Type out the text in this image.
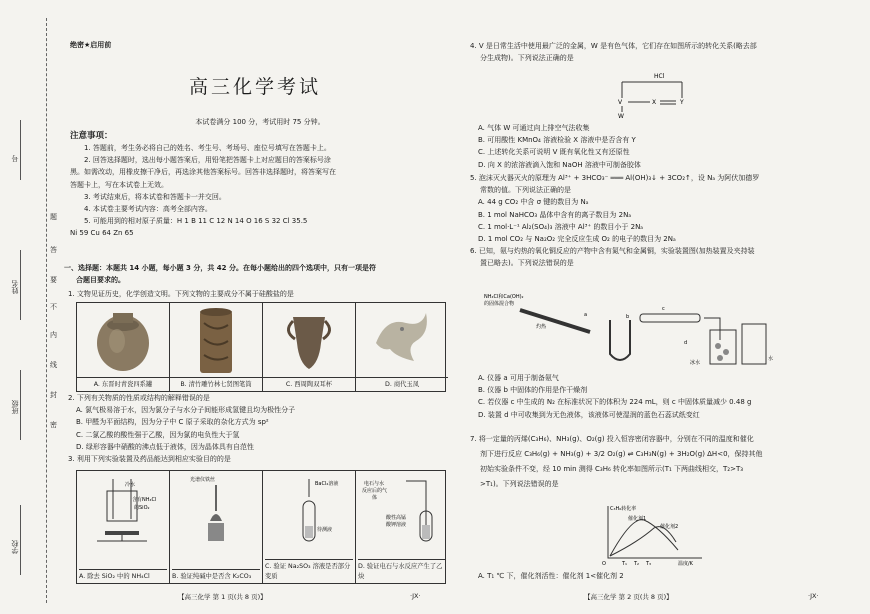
号
姓名
班级
学校
题
答
要
不
内
线
封
密
绝密★启用前
高三化学考试
本试卷满分 100 分，考试用时 75 分钟。
注意事项：

1. 答题前，考生务必将自己的姓名、考生号、考场号、座位号填写在答题卡上。

2. 回答选择题时，选出每小题答案后，用铅笔把答题卡上对应题目的答案标号涂

黑。如需改动，用橡皮擦干净后，再选涂其他答案标号。回答非选择题时，将答案写在

答题卡上，写在本试卷上无效。

3. 考试结束后，将本试卷和答题卡一并交回。

4. 本试卷主要考试内容：高考全部内容。

5. 可能用到的相对原子质量：H 1 B 11 C 12 N 14 O 16 S 32 Cl 35.5

Ni 59 Cu 64 Zn 65

一、选择题：本题共 14 小题，每小题 3 分，共 42 分。在每小题给出的四个选项中，只有一项是符

合题目要求的。

1. 文物见证历史，化学创造文明。下列文物的主要成分不属于硅酸盐的是
A. 东晋时青瓷四系罐	B. 清竹雕竹林七贤图笔筒	C. 西周陶双耳杯	D. 商代玉凤

2. 下列有关物质的性质或结构的解释错误的是

A. 氯气极易溶于水，因为氯分子与水分子间能形成氢键且均为极性分子

B. 甲醛为平面结构，因为分子中 C 原子采取的杂化方式为 sp²

C. 二氯乙酸的酸性强于乙酸，因为氯的电负性大于氢

D. 绿形容器中硝酸的沸点低于液体，因为晶体具有自范性

3. 利用下列实验装置及药品能达到相应实验目的的是

冷水
含有NH₄Cl
的SiO₂
A. 除去 SiO₂ 中的 NH₄Cl
光谱仪铁丝
B. 验证纯碱中是否含 K₂CO₃
BaCl₂溶液
待测液
C. 验证 Na₂SO₃ 溶液是否部分变质
电石与水
反应后的气
体
酸性高锰
酸钾溶液
D. 验证电石与水反应产生了乙炔
【高三化学 第 1 页(共 8 页)】	·JX·

4. V 是日常生活中使用最广泛的金属，W 是有色气体，它们存在如图所示的转化关系(略去部

分生成物)。下列说法正确的是

HCl
V	X	Y
W

A. 气体 W 可通过向上排空气法收集

B. 可用酸性 KMnO₄ 溶液检验 X 溶液中是否含有 Y

C. 上述转化关系可说明 V 既有氧化性又有还原性

D. 向 X 的浓溶液滴入饱和 NaOH 溶液中可制备胶体

5. 泡沫灭火器灭火的原理为 Al³⁺ + 3HCO₃⁻ ═══ Al(OH)₃↓ + 3CO₂↑，设 Nₐ 为阿伏加德罗

常数的值。下列说法正确的是

A. 44 g CO₂ 中含 σ 键的数目为 Nₐ

B. 1 mol NaHCO₃ 晶体中含有的离子数目为 2Nₐ

C. 1 mol·L⁻¹ Al₂(SO₄)₃ 溶液中 Al³⁺ 的数目小于 2Nₐ

D. 1 mol CO₂ 与 Na₂O₂ 完全反应生成 O₂ 的电子的数目为 2Nₐ

6. 已知，氨与灼热的氧化铜反应的产物中含有氮气和金属铜，实验装置图(加热装置及夹持装

置已略去)。下列说法错误的是

NH₄Cl和Ca(OH)₂
的固体混合物
a
灼热
b
c
d
冰水
水

A. 仪器 a 可用于制备氨气

B. 仪器 b 中固体的作用是作干燥剂

C. 若仪器 c 中生成的 N₂ 在标准状况下的体积为 224 mL，则 c 中固体质量减少 0.48 g

D. 装置 d 中可收集到为无色液体，该液体可使湿润的蓝色石蕊试纸变红

7. 将一定量的丙烯(C₃H₆)、NH₃(g)、O₂(g) 投入恒容密闭容器中，分别在不同的温度和催化

剂下进行反应 C₃H₆(g) + NH₃(g) + 3/2 O₂(g) ⇌ C₃H₃N(g) + 3H₂O(g) ΔH<0，保持其他

初始实验条件不变，经 10 min 测得 C₃H₆ 转化率如图所示(T₁ 下两曲线相交，T₂>T₃

>T₁)。下列说法错误的是

C₃H₆转化率
催化剂1
催化剂2
O	T₁ T₂ T₃	温度/K

A. T₁ ℃ 下，催化剂活性：催化剂 1<催化剂 2

【高三化学 第 2 页(共 8 页)】	·JX·
